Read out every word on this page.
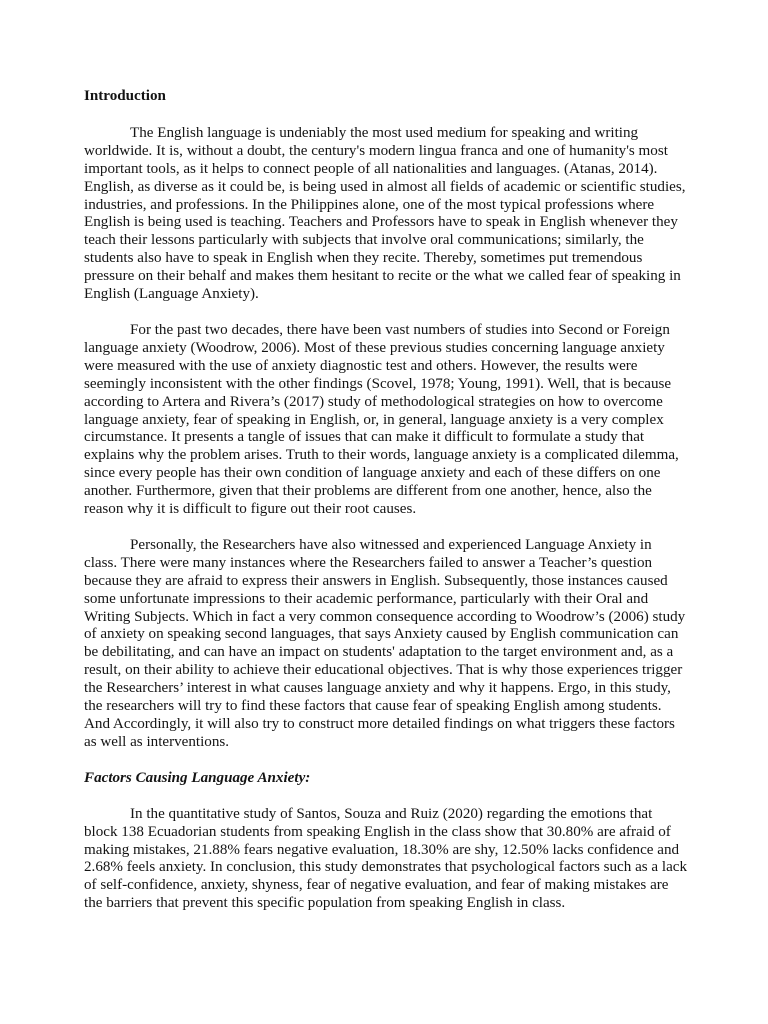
Introduction

The English language is undeniably the most used medium for speaking and writing worldwide. It is, without a doubt, the century's modern lingua franca and one of humanity's most important tools, as it helps to connect people of all nationalities and languages. (Atanas, 2014). English, as diverse as it could be, is being used in almost all fields of academic or scientific studies, industries, and professions. In the Philippines alone, one of the most typical professions where English is being used is teaching. Teachers and Professors have to speak in English whenever they teach their lessons particularly with subjects that involve oral communications; similarly, the students also have to speak in English when they recite. Thereby, sometimes put tremendous pressure on their behalf and makes them hesitant to recite or the what we called fear of speaking in English (Language Anxiety).

For the past two decades, there have been vast numbers of studies into Second or Foreign language anxiety (Woodrow, 2006). Most of these previous studies concerning language anxiety were measured with the use of anxiety diagnostic test and others. However, the results were seemingly inconsistent with the other findings (Scovel, 1978; Young, 1991). Well, that is because according to Artera and Rivera’s (2017) study of methodological strategies on how to overcome language anxiety, fear of speaking in English, or, in general, language anxiety is a very complex circumstance. It presents a tangle of issues that can make it difficult to formulate a study that explains why the problem arises. Truth to their words, language anxiety is a complicated dilemma, since every people has their own condition of language anxiety and each of these differs on one another. Furthermore, given that their problems are different from one another, hence, also the reason why it is difficult to figure out their root causes.

Personally, the Researchers have also witnessed and experienced Language Anxiety in class. There were many instances where the Researchers failed to answer a Teacher’s question because they are afraid to express their answers in English. Subsequently, those instances caused some unfortunate impressions to their academic performance, particularly with their Oral and Writing Subjects. Which in fact a very common consequence according to Woodrow’s (2006) study of anxiety on speaking second languages, that says Anxiety caused by English communication can be debilitating, and can have an impact on students' adaptation to the target environment and, as a result, on their ability to achieve their educational objectives. That is why those experiences trigger the Researchers’ interest in what causes language anxiety and why it happens. Ergo, in this study, the researchers will try to find these factors that cause fear of speaking English among students. And Accordingly, it will also try to construct more detailed findings on what triggers these factors as well as interventions.

Factors Causing Language Anxiety:

In the quantitative study of Santos, Souza and Ruiz (2020) regarding the emotions that block 138 Ecuadorian students from speaking English in the class show that 30.80% are afraid of making mistakes, 21.88% fears negative evaluation, 18.30% are shy, 12.50% lacks confidence and 2.68% feels anxiety. In conclusion, this study demonstrates that psychological factors such as a lack of self-confidence, anxiety, shyness, fear of negative evaluation, and fear of making mistakes are the barriers that prevent this specific population from speaking English in class.
